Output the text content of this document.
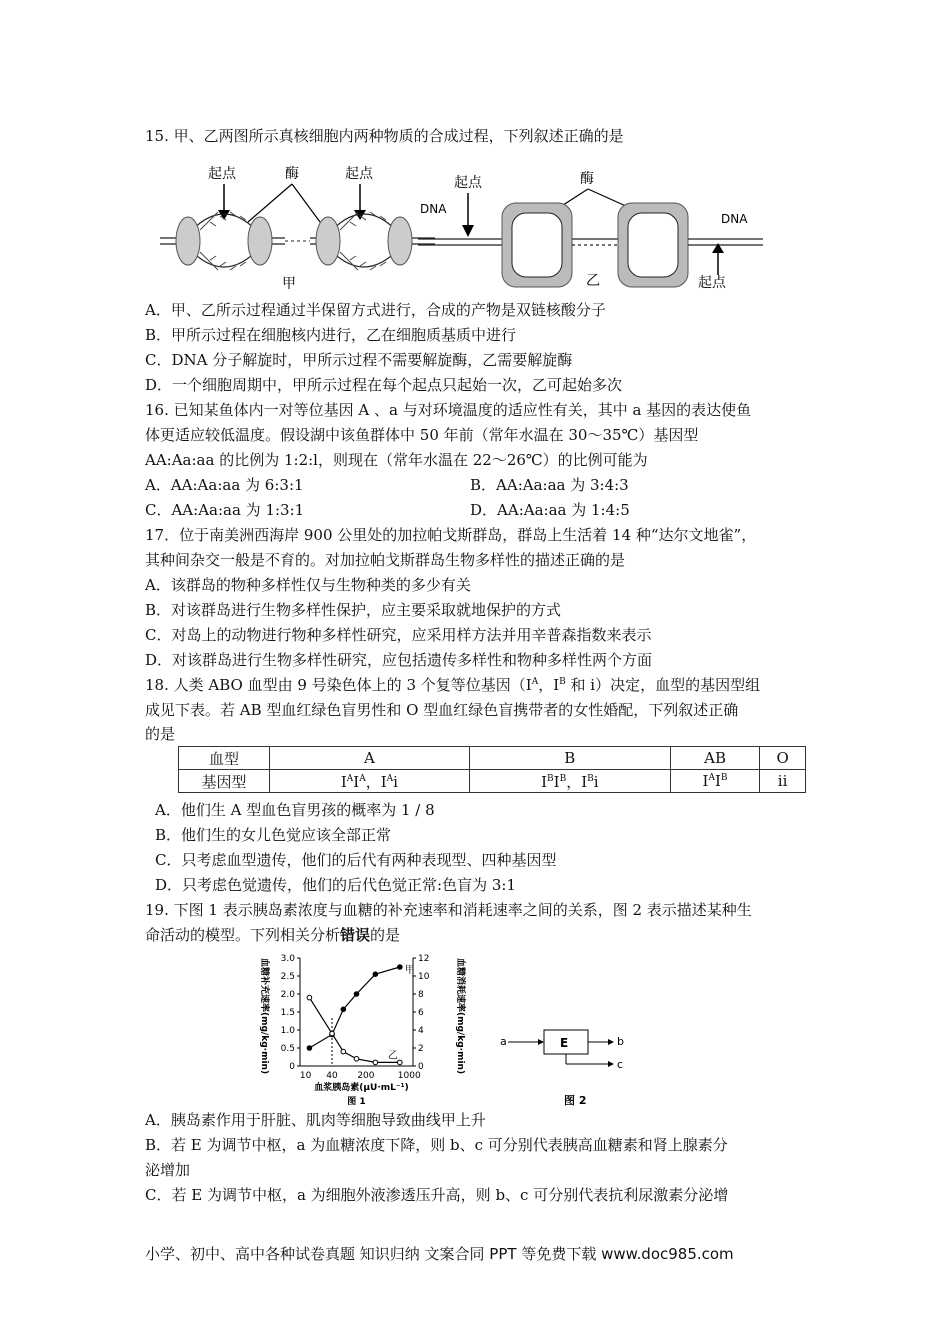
15. 甲、乙两图所示真核细胞内两种物质的合成过程，下列叙述正确的是
起点	酶	起点
甲
起点	酶
DNA
DNA
起点
乙
A．甲、乙所示过程通过半保留方式进行，合成的产物是双链核酸分子
B．甲所示过程在细胞核内进行，乙在细胞质基质中进行
C．DNA 分子解旋时，甲所示过程不需要解旋酶，乙需要解旋酶
D．一个细胞周期中，甲所示过程在每个起点只起始一次，乙可起始多次
16. 已知某鱼体内一对等位基因 A 、a 与对环境温度的适应性有关，其中 a 基因的表达使鱼
体更适应较低温度。假设湖中该鱼群体中 50 年前（常年水温在 30～35℃）基因型
AA:Aa:aa 的比例为 1:2:l，则现在（常年水温在 22～26℃）的比例可能为
A．AA:Aa:aa 为 6:3:1	B．AA:Aa:aa 为 3:4:3
C．AA:Aa:aa 为 1:3:1	D．AA:Aa:aa 为 1:4:5
17．位于南美洲西海岸 900 公里处的加拉帕戈斯群岛，群岛上生活着 14 种“达尔文地雀”，
其种间杂交一般是不育的。对加拉帕戈斯群岛生物多样性的描述正确的是
A．该群岛的物种多样性仅与生物种类的多少有关
B．对该群岛进行生物多样性保护，应主要采取就地保护的方式
C．对岛上的动物进行物种多样性研究，应采用样方法并用辛普森指数来表示
D．对该群岛进行生物多样性研究，应包括遗传多样性和物种多样性两个方面
18. 人类 ABO 血型由 9 号染色体上的 3 个复等位基因（$I^A$，$I^B$ 和 i）决定，血型的基因型组
成见下表。若 AB 型血红绿色盲男性和 O 型血红绿色盲携带者的女性婚配，下列叙述正确
的是
血型	A	B	AB	O
基因型	$I^AI^A$，$I^Ai$	$I^BI^B$，$I^Bi$	$I^AI^B$	ii
A．他们生 A 型血色盲男孩的概率为 1 / 8
B．他们生的女儿色觉应该全部正常
C．只考虑血型遗传，他们的后代有两种表现型、四种基因型
D．只考虑色觉遗传，他们的后代色觉正常:色盲为 3:1
19. 下图 1 表示胰岛素浓度与血糖的补充速率和消耗速率之间的关系，图 2 表示描述某种生
命活动的模型。下列相关分析错误的是
0
0.5
1.0
1.5
2.0
2.5
3.0
0
2
4
6
8
10
12
10 40 200	1000
血糖补充速率(mg/kg·min)	血糖消耗速率(mg/kg·min)
血浆胰岛素(μU·mL⁻¹)
图 1
甲
乙
a	E	b
c
图 2
A．胰岛素作用于肝脏、肌肉等细胞导致曲线甲上升
B．若 E 为调节中枢，a 为血糖浓度下降，则 b、c 可分别代表胰高血糖素和肾上腺素分
泌增加
C．若 E 为调节中枢，a 为细胞外液渗透压升高，则 b、c 可分别代表抗利尿激素分泌增
小学、初中、高中各种试卷真题 知识归纳 文案合同 PPT 等免费下载 www.doc985.com
